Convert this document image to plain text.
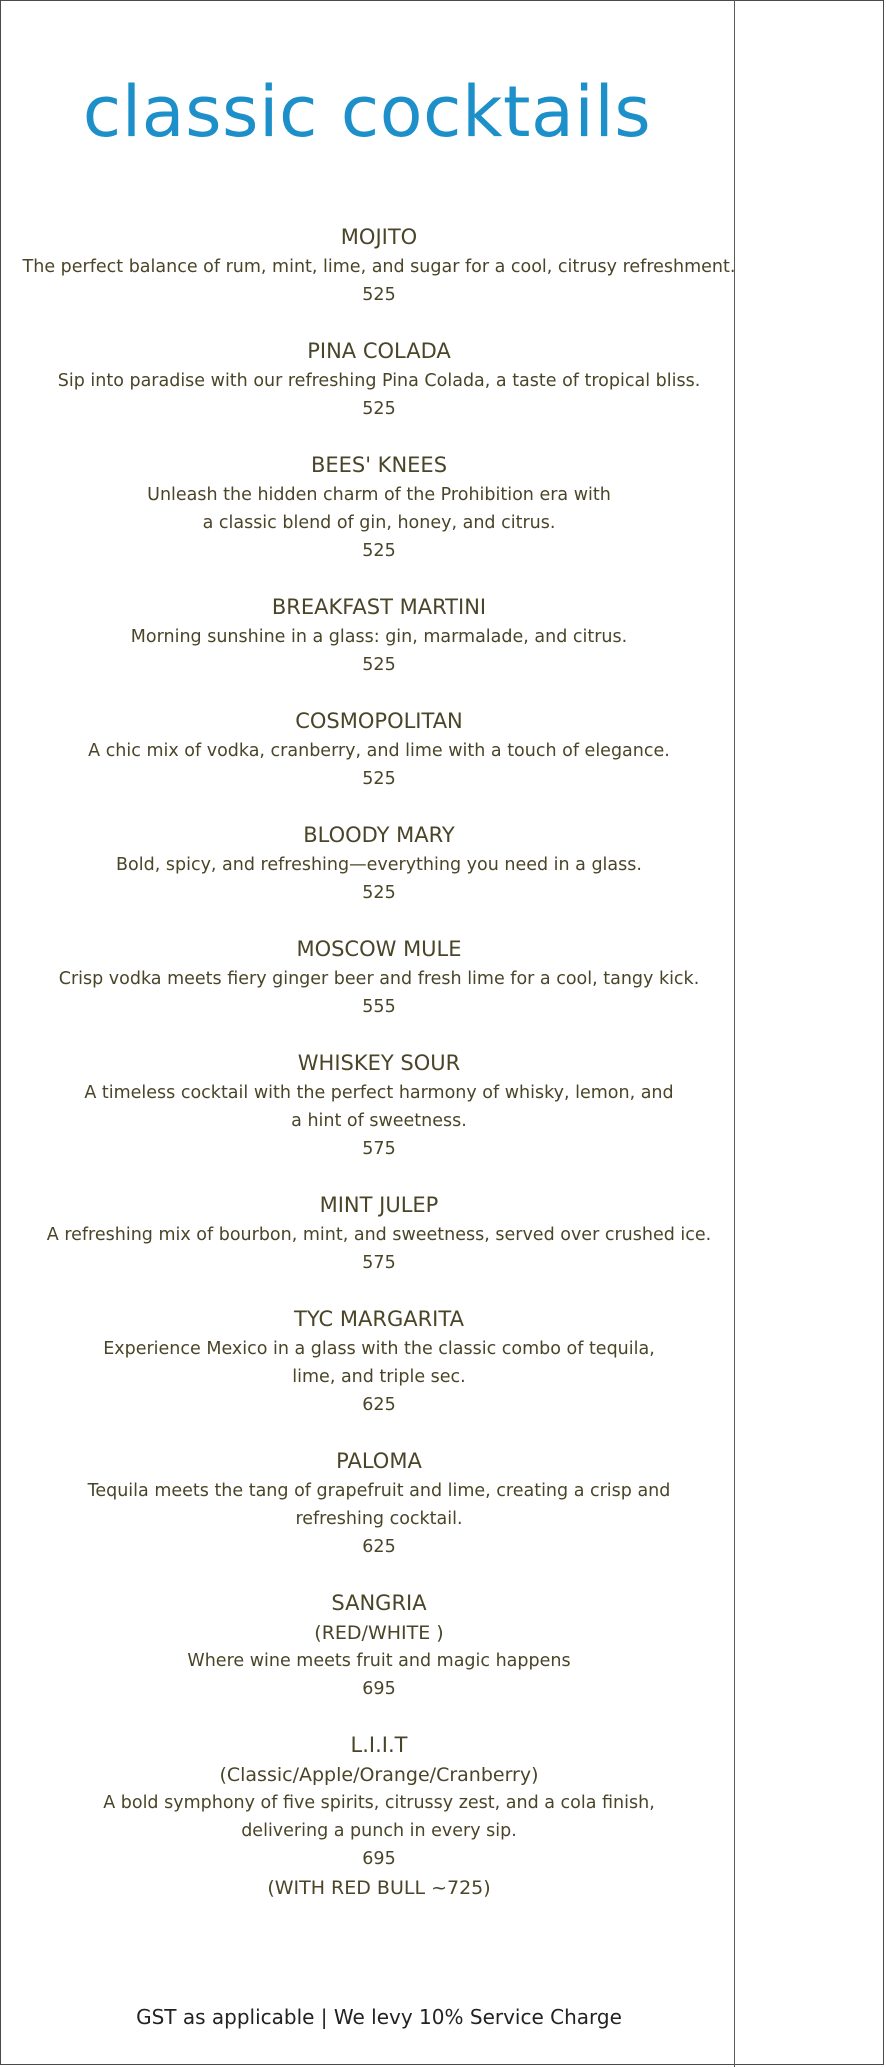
classic cocktails

MOJITO

The perfect balance of rum, mint, lime, and sugar for a cool, citrusy refreshment.

525

PINA COLADA

Sip into paradise with our refreshing Pina Colada, a taste of tropical bliss.

525

BEES' KNEES

Unleash the hidden charm of the Prohibition era with

a classic blend of gin, honey, and citrus.

525

BREAKFAST MARTINI

Morning sunshine in a glass: gin, marmalade, and citrus.

525

COSMOPOLITAN

A chic mix of vodka, cranberry, and lime with a touch of elegance.

525

BLOODY MARY

Bold, spicy, and refreshing—everything you need in a glass.

525

MOSCOW MULE

Crisp vodka meets fiery ginger beer and fresh lime for a cool, tangy kick.

555

WHISKEY SOUR

A timeless cocktail with the perfect harmony of whisky, lemon, and

a hint of sweetness.

575

MINT JULEP

A refreshing mix of bourbon, mint, and sweetness, served over crushed ice.

575

TYC MARGARITA

Experience Mexico in a glass with the classic combo of tequila,

lime, and triple sec.

625

PALOMA

Tequila meets the tang of grapefruit and lime, creating a crisp and

refreshing cocktail.

625

SANGRIA

(RED/WHITE )

Where wine meets fruit and magic happens

695

L.I.I.T

(Classic/Apple/Orange/Cranberry)

A bold symphony of five spirits, citrussy zest, and a cola finish,

delivering a punch in every sip.

695

(WITH RED BULL ~725)

GST as applicable | We levy 10% Service Charge
